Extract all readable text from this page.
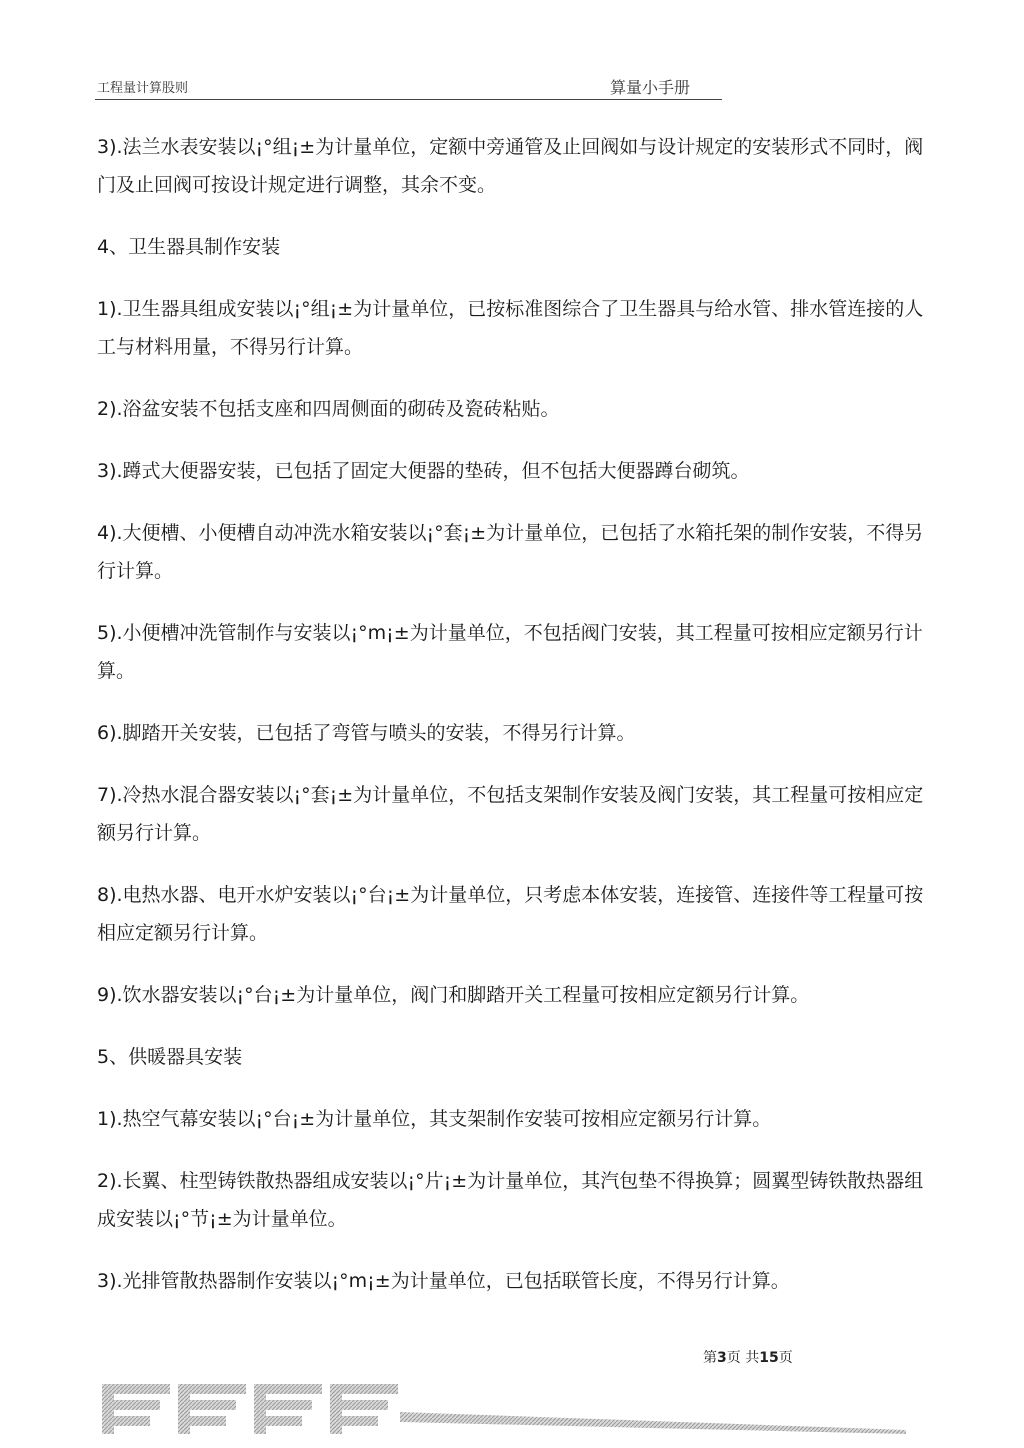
工程量计算股则	算量小手册

3).法兰水表安装以¡°组¡±为计量单位，定额中旁通管及止回阀如与设计规定的安装形式不同时，阀门及止回阀可按设计规定进行调整，其余不变。

4、卫生器具制作安装

1).卫生器具组成安装以¡°组¡±为计量单位，已按标准图综合了卫生器具与给水管、排水管连接的人工与材料用量，不得另行计算。

2).浴盆安装不包括支座和四周侧面的砌砖及瓷砖粘贴。

3).蹲式大便器安装，已包括了固定大便器的垫砖，但不包括大便器蹲台砌筑。

4).大便槽、小便槽自动冲洗水箱安装以¡°套¡±为计量单位，已包括了水箱托架的制作安装，不得另行计算。

5).小便槽冲洗管制作与安装以¡°m¡±为计量单位，不包括阀门安装，其工程量可按相应定额另行计算。

6).脚踏开关安装，已包括了弯管与喷头的安装，不得另行计算。

7).冷热水混合器安装以¡°套¡±为计量单位，不包括支架制作安装及阀门安装，其工程量可按相应定额另行计算。

8).电热水器、电开水炉安装以¡°台¡±为计量单位，只考虑本体安装，连接管、连接件等工程量可按相应定额另行计算。

9).饮水器安装以¡°台¡±为计量单位，阀门和脚踏开关工程量可按相应定额另行计算。

5、供暖器具安装

1).热空气幕安装以¡°台¡±为计量单位，其支架制作安装可按相应定额另行计算。

2).长翼、柱型铸铁散热器组成安装以¡°片¡±为计量单位，其汽包垫不得换算；圆翼型铸铁散热器组成安装以¡°节¡±为计量单位。

3).光排管散热器制作安装以¡°m¡±为计量单位，已包括联管长度，不得另行计算。

第3页 共15页
